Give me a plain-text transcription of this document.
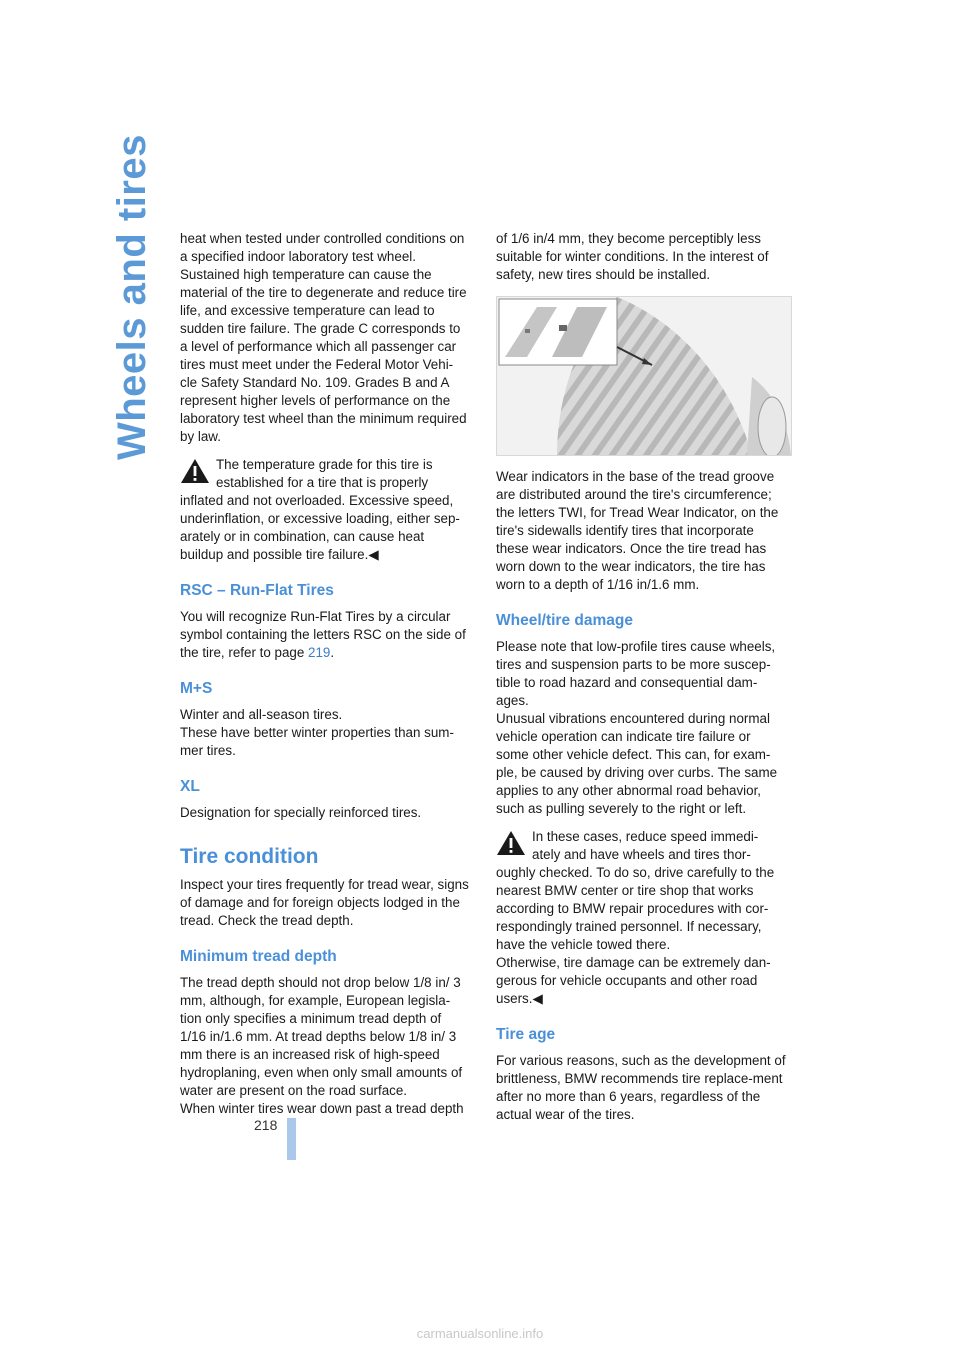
Wheels and tires heat when tested under controlled conditions on a specified indoor laboratory test wheel. Sustained high temperature can cause the material of the tire to degenerate and reduce tire life, and excessive temperature can lead to sudden tire failure. The grade C corresponds to a level of performance which all passenger car tires must meet under the Federal Motor Vehi-cle Safety Standard No. 109. Grades B and A represent higher levels of performance on the laboratory test wheel than the minimum required by law.

The temperature grade for this tire is established for a tire that is properly inflated and not overloaded. Excessive speed, underinflation, or excessive loading, either sep-arately or in combination, can cause heat buildup and possible tire failure.◀

RSC – Run-Flat Tires

You will recognize Run-Flat Tires by a circular symbol containing the letters RSC on the side of the tire, refer to page 219.

M+S

Winter and all-season tires.

These have better winter properties than sum-mer tires.

XL

Designation for specially reinforced tires.

Tire condition

Inspect your tires frequently for tread wear, signs of damage and for foreign objects lodged in the tread. Check the tread depth.

Minimum tread depth

The tread depth should not drop below 1/8 in/ 3 mm, although, for example, European legisla-tion only specifies a minimum tread depth of 1/16 in/1.6 mm. At tread depths below 1/8 in/ 3 mm there is an increased risk of high-speed hydroplaning, even when only small amounts of water are present on the road surface.

When winter tires wear down past a tread depth

of 1/6 in/4 mm, they become perceptibly less suitable for winter conditions. In the interest of safety, new tires should be installed.

Wear indicators in the base of the tread groove are distributed around the tire's circumference; the letters TWI, for Tread Wear Indicator, on the tire's sidewalls identify tires that incorporate these wear indicators. Once the tire tread has worn down to the wear indicators, the tire has worn to a depth of 1/16 in/1.6 mm.

Wheel/tire damage

Please note that low-profile tires cause wheels, tires and suspension parts to be more suscep-tible to road hazard and consequential dam-ages.

Unusual vibrations encountered during normal vehicle operation can indicate tire failure or some other vehicle defect. This can, for exam-ple, be caused by driving over curbs. The same applies to any other abnormal road behavior, such as pulling severely to the right or left.

In these cases, reduce speed immedi-ately and have wheels and tires thor-oughly checked. To do so, drive carefully to the nearest BMW center or tire shop that works according to BMW repair procedures with cor-respondingly trained personnel. If necessary, have the vehicle towed there.

Otherwise, tire damage can be extremely dan-gerous for vehicle occupants and other road users.◀

Tire age

For various reasons, such as the development of brittleness, BMW recommends tire replace-ment after no more than 6 years, regardless of the actual wear of the tires.

218
carmanualsonline.info
